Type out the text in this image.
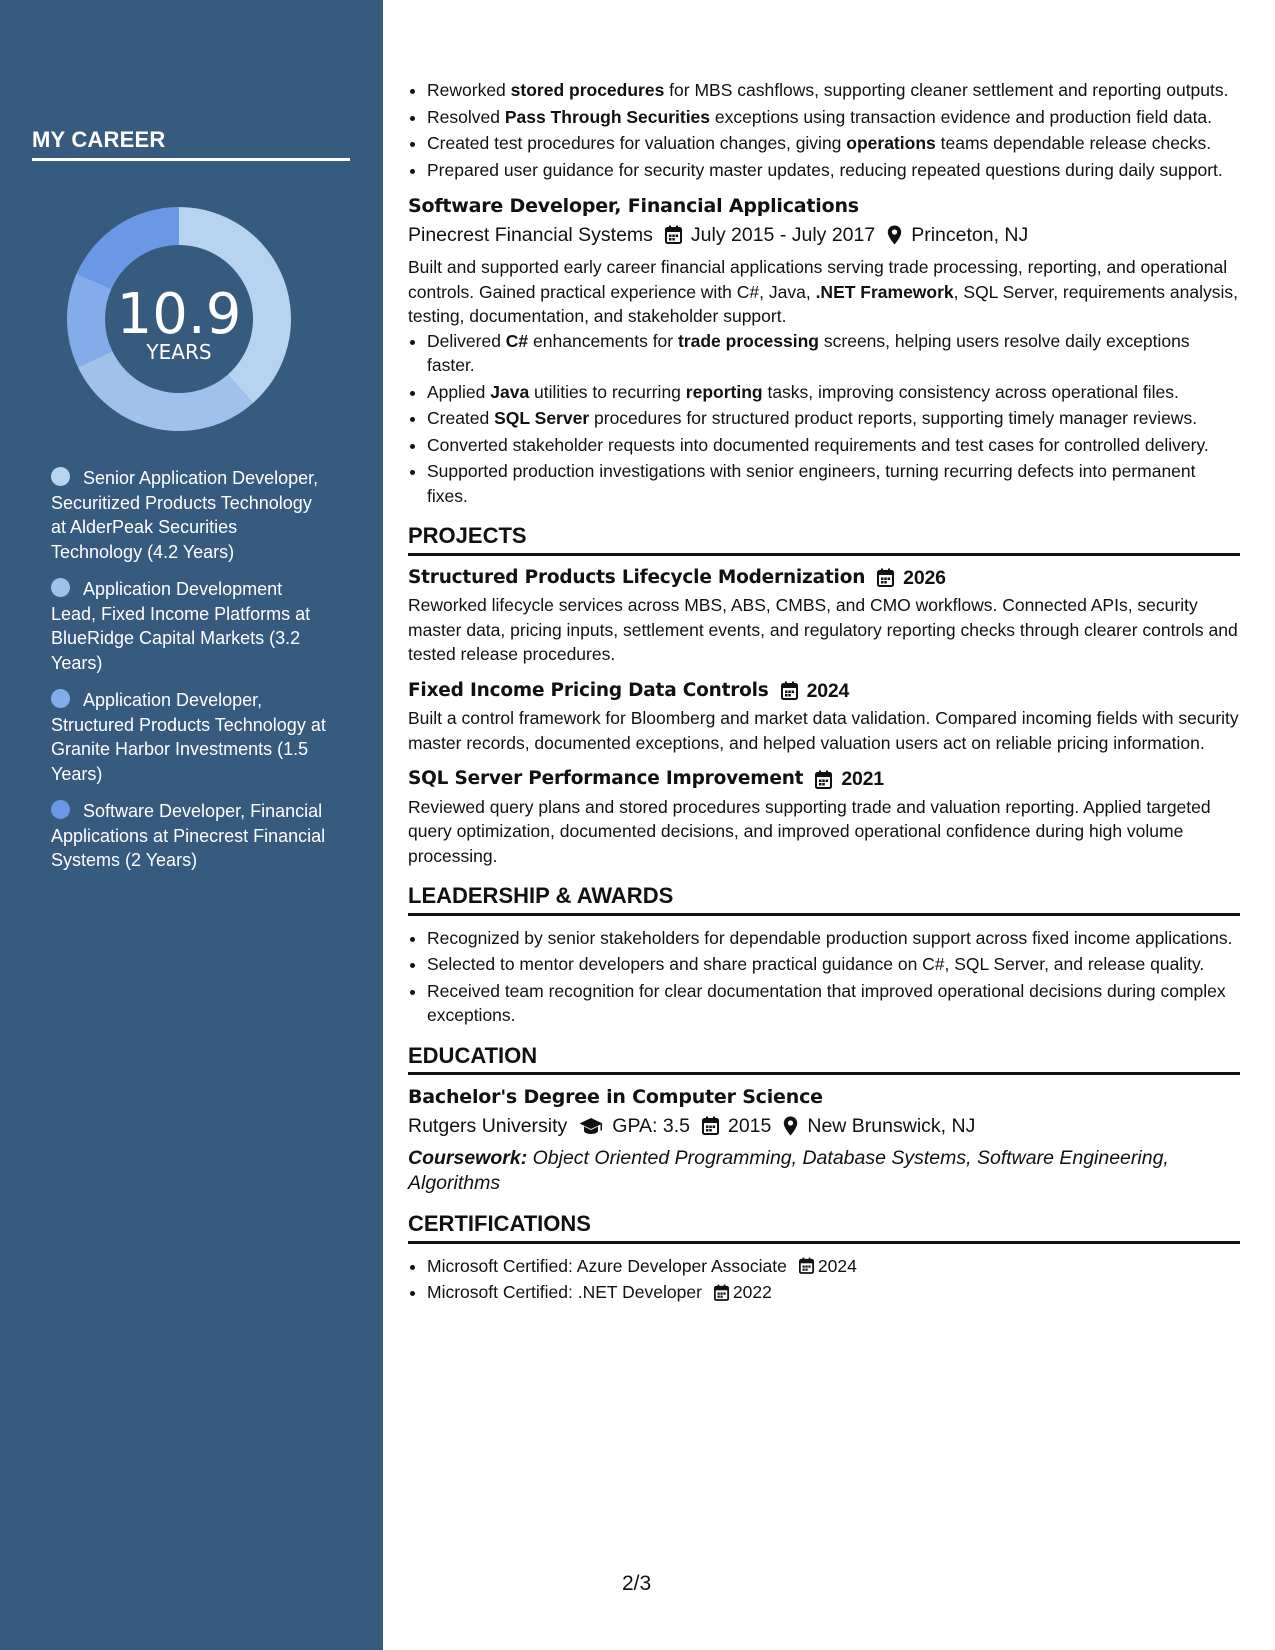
MY CAREER
10.9
YEARS
Senior Application Developer, Securitized Products Technology at AlderPeak Securities Technology (4.2 Years)
Application Development Lead, Fixed Income Platforms at BlueRidge Capital Markets (3.2 Years)
Application Developer, Structured Products Technology at Granite Harbor Investments (1.5 Years)
Software Developer, Financial Applications at Pinecrest Financial Systems (2 Years)
• Reworked stored procedures for MBS cashflows, supporting cleaner settlement and reporting outputs.
• Resolved Pass Through Securities exceptions using transaction evidence and production field data.
• Created test procedures for valuation changes, giving operations teams dependable release checks.
• Prepared user guidance for security master updates, reducing repeated questions during daily support.
Software Developer, Financial Applications
Pinecrest Financial Systems July 2015 - July 2017 Princeton, NJ
Built and supported early career financial applications serving trade processing, reporting, and operational controls. Gained practical experience with C#, Java, .NET Framework, SQL Server, requirements analysis, testing, documentation, and stakeholder support.
• Delivered C# enhancements for trade processing screens, helping users resolve daily exceptions faster.
• Applied Java utilities to recurring reporting tasks, improving consistency across operational files.
• Created SQL Server procedures for structured product reports, supporting timely manager reviews.
• Converted stakeholder requests into documented requirements and test cases for controlled delivery.
• Supported production investigations with senior engineers, turning recurring defects into permanent fixes.
PROJECTS
Structured Products Lifecycle Modernization 2026
Reworked lifecycle services across MBS, ABS, CMBS, and CMO workflows. Connected APIs, security master data, pricing inputs, settlement events, and regulatory reporting checks through clearer controls and tested release procedures.
Fixed Income Pricing Data Controls 2024
Built a control framework for Bloomberg and market data validation. Compared incoming fields with security master records, documented exceptions, and helped valuation users act on reliable pricing information.
SQL Server Performance Improvement 2021
Reviewed query plans and stored procedures supporting trade and valuation reporting. Applied targeted query optimization, documented decisions, and improved operational confidence during high volume processing.
LEADERSHIP & AWARDS
• Recognized by senior stakeholders for dependable production support across fixed income applications.
• Selected to mentor developers and share practical guidance on C#, SQL Server, and release quality.
• Received team recognition for clear documentation that improved operational decisions during complex exceptions.
EDUCATION
Bachelor's Degree in Computer Science
Rutgers University GPA: 3.5 2015 New Brunswick, NJ
Coursework: Object Oriented Programming, Database Systems, Software Engineering, Algorithms
CERTIFICATIONS
• Microsoft Certified: Azure Developer Associate 2024
• Microsoft Certified: .NET Developer 2022
2/3
